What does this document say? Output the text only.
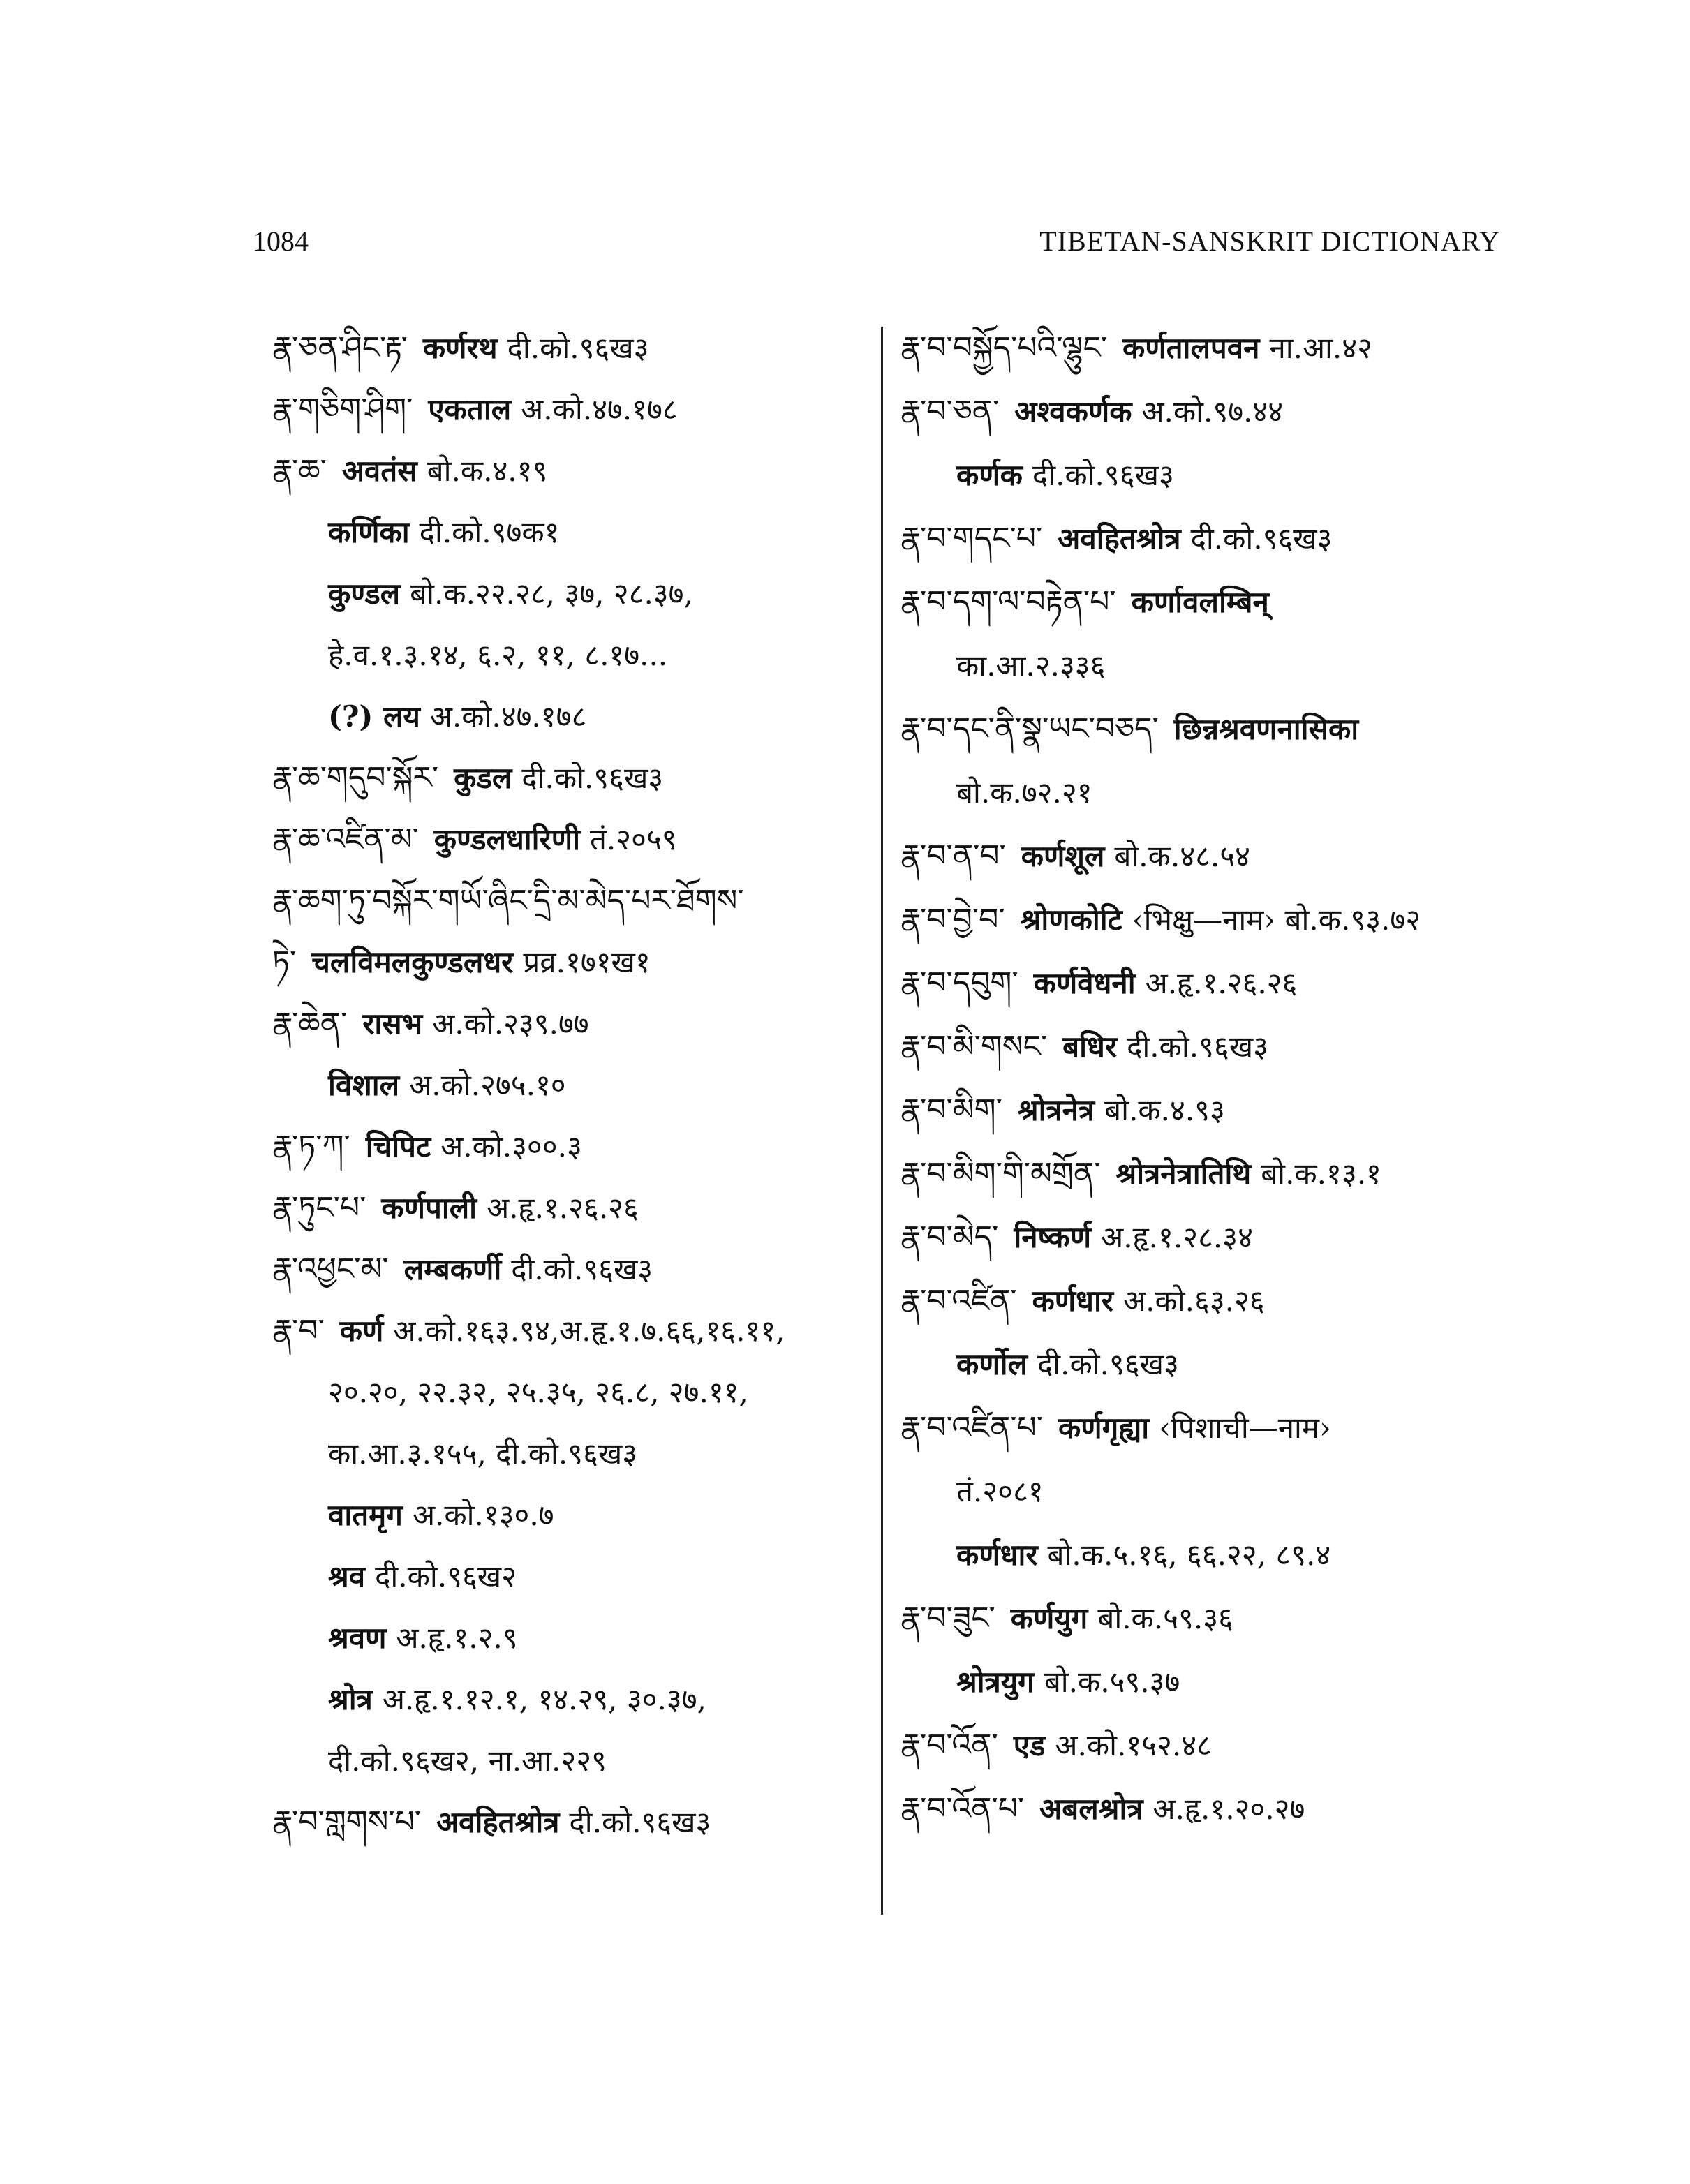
1084	TIBETAN-SANSKRIT DICTIONARY
རྣ་ཅན་ཤིང་རྟ་ कर्णरथ दी.को.९६ख३
རྣ་གཅིག་ཤིག་ एकताल अ.को.४७.१७८
རྣ་ཆ་ अवतंस बो.क.४.१९
कर्णिका दी.को.९७क१
कुण्डल बो.क.२२.२८, ३७, २८.३७,
हे.व.१.३.१४, ६.२, ११, ८.१७...
(?) लय अ.को.४७.१७८
རྣ་ཆ་གདུབ་སྐོར་ कुडल दी.को.९६ख३
རྣ་ཆ་འཛིན་མ་ कुण्डलधारिणी तं.२०५९
རྣ་ཆག་ཏུ་བསྐོར་གཡོ་ཞིང་དྲི་མ་མེད་པར་ཐོགས་
ཏེ་ चलविमलकुण्डलधर प्रव्र.१७१ख१
རྣ་ཆེན་ रासभ अ.को.२३९.७७
विशाल अ.को.२७५.१०
རྣ་ཏ་ཀ་ चिपिट अ.को.३००.३
རྣ་ཏུང་པ་ कर्णपाली अ.हृ.१.२६.२६
རྣ་འཕྱང་མ་ लम्बकर्णी दी.को.९६ख३
རྣ་བ་ कर्ण अ.को.१६३.९४,अ.हृ.१.७.६६,१६.११,
२०.२०, २२.३२, २५.३५, २६.८, २७.११,
का.आ.३.१५५, दी.को.९६ख३
वातमृग अ.को.१३०.७
श्रव दी.को.९६ख२
श्रवण अ.हृ.१.२.९
श्रोत्र अ.हृ.१.१२.१, १४.२९, ३०.३७,
दी.को.९६ख२, ना.आ.२२९
རྣ་བ་གླགས་པ་ अवहितश्रोत्र दी.को.९६ख३
རྣ་བ་བསྐྱོད་པའི་ལྷུང་ कर्णतालपवन ना.आ.४२
རྣ་བ་ཅན་ अश्वकर्णक अ.को.९७.४४
कर्णक दी.को.९६ख३
རྣ་བ་གདང་པ་ अवहितश्रोत्र दी.को.९६ख३
རྣ་བ་དག་ལ་བརྟེན་པ་ कर्णावलम्बिन्
का.आ.२.३३६
རྣ་བ་དང་ནི་སྣ་ཡང་བཅད་ छिन्नश्रवणनासिका
बो.क.७२.२१
རྣ་བ་ན་བ་ कर्णशूल बो.क.४८.५४
རྣ་བ་བྱེ་བ་ श्रोणकोटि ‹भिक्षु—नाम› बो.क.९३.७२
རྣ་བ་དབུག་ कर्णवेधनी अ.हृ.१.२६.२६
རྣ་བ་མི་གསང་ बधिर दी.को.९६ख३
རྣ་བ་མིག་ श्रोत्रनेत्र बो.क.४.९३
རྣ་བ་མིག་གི་མགྲོན་ श्रोत्रनेत्रातिथि बो.क.१३.१
རྣ་བ་མེད་ निष्कर्ण अ.हृ.१.२८.३४
རྣ་བ་འཛིན་ कर्णधार अ.को.६३.२६
कर्णोल दी.को.९६ख३
རྣ་བ་འཛིན་པ་ कर्णगृह्या ‹पिशाची—नाम›
तं.२०८१
कर्णधार बो.क.५.१६, ६६.२२, ८९.४
རྣ་བ་ཟུང་ कर्णयुग बो.क.५९.३६
श्रोत्रयुग बो.क.५९.३७
རྣ་བ་འོན་ एड अ.को.१५२.४८
རྣ་བ་འོན་པ་ अबलश्रोत्र अ.हृ.१.२०.२७
